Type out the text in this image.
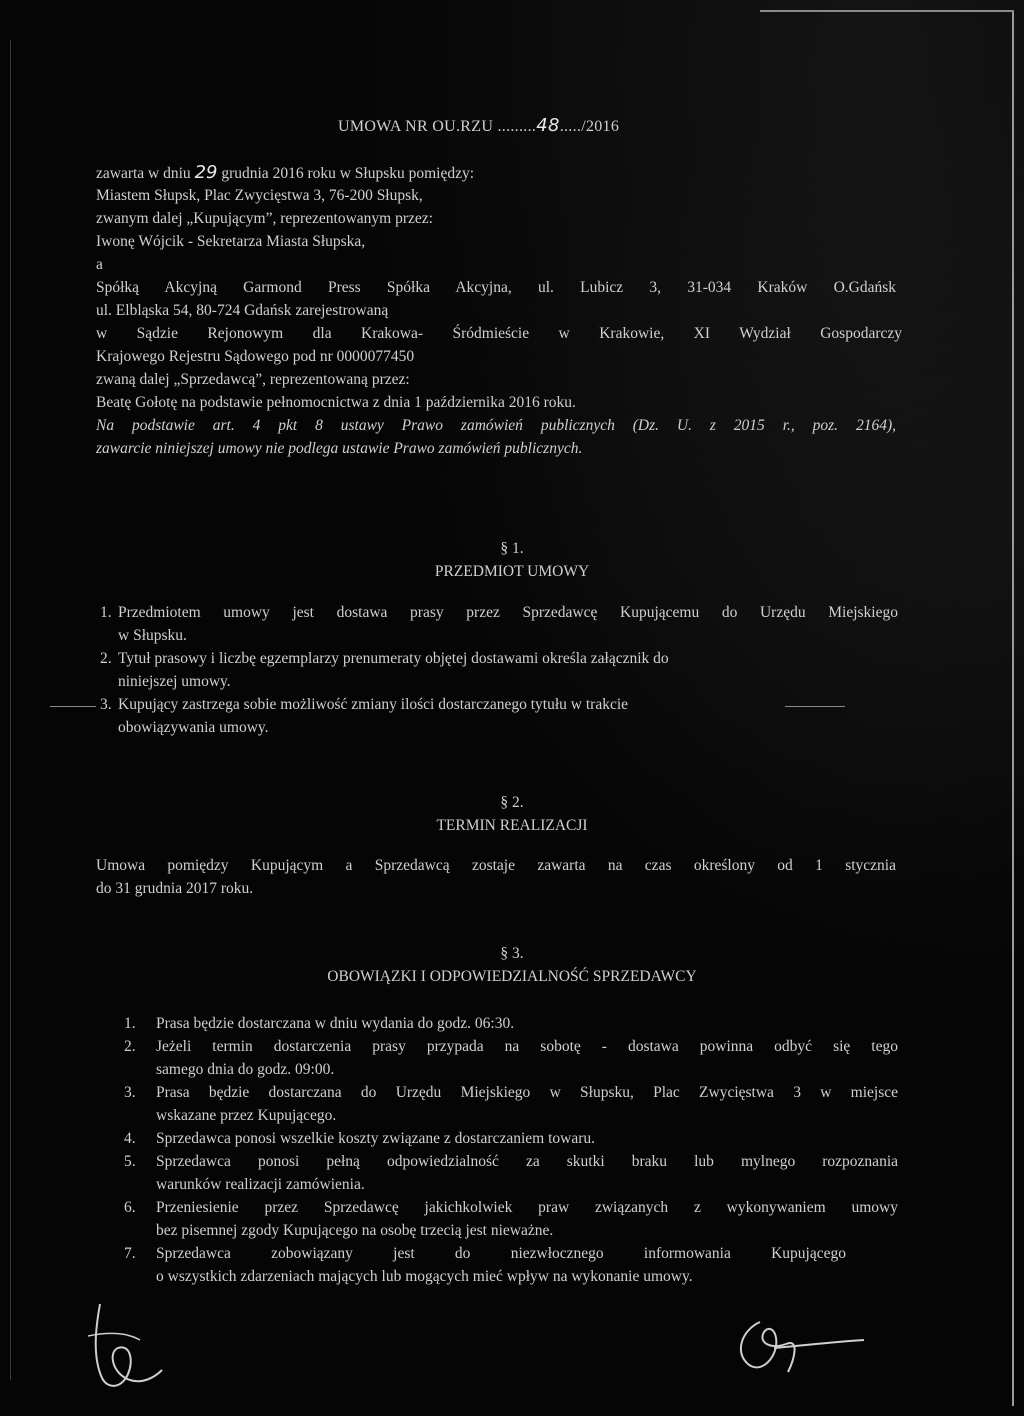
UMOWA NR OU.RZU .........48...../2016
zawarta w dniu 29 grudnia 2016 roku w Słupsku pomiędzy:
Miastem Słupsk, Plac Zwycięstwa 3, 76-200 Słupsk,
zwanym dalej „Kupującym”, reprezentowanym przez:
Iwonę Wójcik - Sekretarza Miasta Słupska,
a
Spółką Akcyjną Garmond Press Spółka Akcyjna, ul. Lubicz 3, 31-034 Kraków O.Gdańsk
ul. Elbląska 54, 80-724 Gdańsk zarejestrowaną
w Sądzie Rejonowym dla Krakowa- Śródmieście w Krakowie, XI Wydział Gospodarczy
Krajowego Rejestru Sądowego pod nr 0000077450
zwaną dalej „Sprzedawcą”, reprezentowaną przez:
Beatę Gołotę na podstawie pełnomocnictwa z dnia 1 października 2016 roku.
Na podstawie art. 4 pkt 8 ustawy Prawo zamówień publicznych (Dz. U. z 2015 r., poz. 2164),
zawarcie niniejszej umowy nie podlega ustawie Prawo zamówień publicznych.
§ 1.
PRZEDMIOT UMOWY
1. Przedmiotem umowy jest dostawa prasy przez Sprzedawcę Kupującemu do Urzędu Miejskiego
w Słupsku.
2. Tytuł prasowy i liczbę egzemplarzy prenumeraty objętej dostawami określa załącznik do
niniejszej umowy.
3. Kupujący zastrzega sobie możliwość zmiany ilości dostarczanego tytułu w trakcie
obowiązywania umowy.
§ 2.
TERMIN REALIZACJI
Umowa pomiędzy Kupującym a Sprzedawcą zostaje zawarta na czas określony od 1 stycznia
do 31 grudnia 2017 roku.
§ 3.
OBOWIĄZKI I ODPOWIEDZIALNOŚĆ SPRZEDAWCY
1. Prasa będzie dostarczana w dniu wydania do godz. 06:30.
2. Jeżeli termin dostarczenia prasy przypada na sobotę - dostawa powinna odbyć się tego
samego dnia do godz. 09:00.
3. Prasa będzie dostarczana do Urzędu Miejskiego w Słupsku, Plac Zwycięstwa 3 w miejsce
wskazane przez Kupującego.
4. Sprzedawca ponosi wszelkie koszty związane z dostarczaniem towaru.
5. Sprzedawca ponosi pełną odpowiedzialność za skutki braku lub mylnego rozpoznania
warunków realizacji zamówienia.
6. Przeniesienie przez Sprzedawcę jakichkolwiek praw związanych z wykonywaniem umowy
bez pisemnej zgody Kupującego na osobę trzecią jest nieważne.
7. Sprzedawca zobowiązany jest do niezwłocznego informowania Kupującego
o wszystkich zdarzeniach mających lub mogących mieć wpływ na wykonanie umowy.
